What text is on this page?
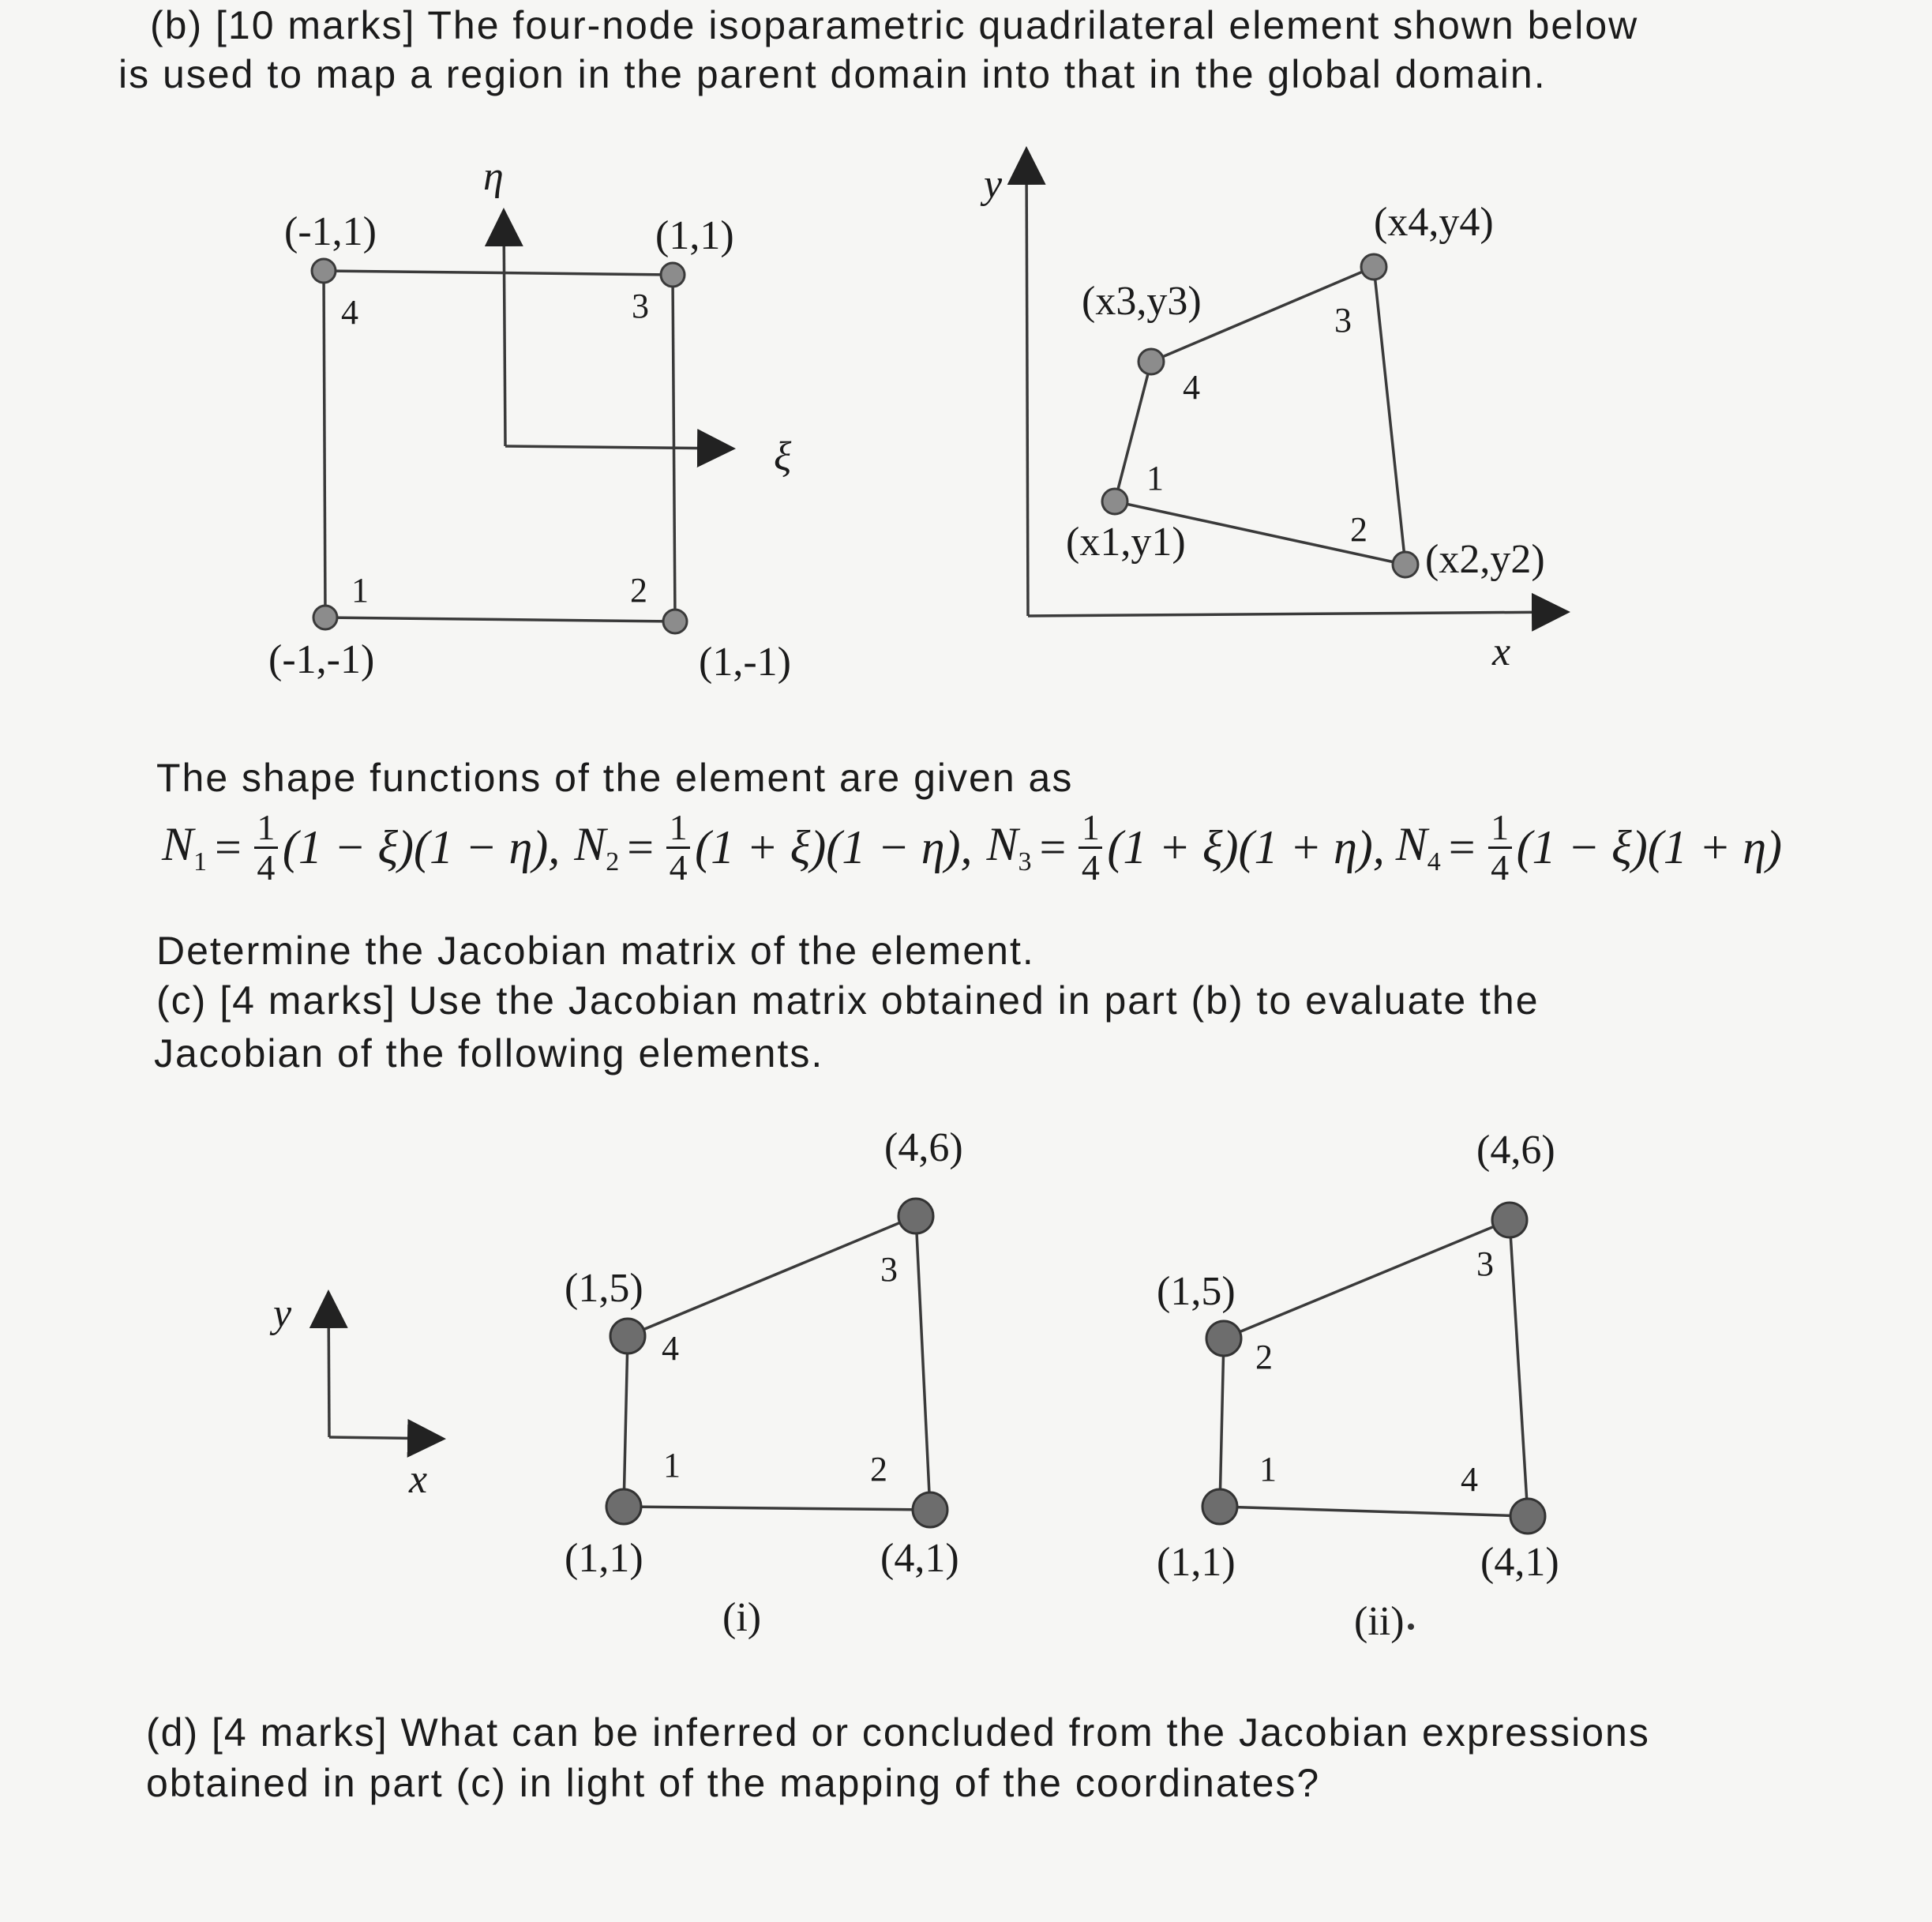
(b) [10 marks] The four-node isoparametric quadrilateral element shown below
is used to map a region in the parent domain into that in the global domain.
η
ξ
(-1,1)	(1,1)
(-1,-1)	(1,-1)
4	3
1	2
y
x
(x4,y4)
(x3,y3)
(x1,y1)	(x2,y2)
1
2
4
3
The shape functions of the element are given as
$N_1 = \frac{1}{4} (1 - \xi)(1 - \eta)$, $N_2 = \frac{1}{4} (1 + \xi)(1 - \eta)$, $N_3 = \frac{1}{4} (1 + \xi)(1 + \eta)$, $N_4 = \frac{1}{4} (1 - \xi)(1 + \eta)$
Determine the Jacobian matrix of the element.
(c) [4 marks] Use the Jacobian matrix obtained in part (b) to evaluate the
Jacobian of the following elements.
y
x
(4,6)
(1,5)
(1,1)	(4,1)
4
3
1	2
(i)
(4,6)
(1,5)
(1,1)	(4,1)
2
3
1	4
(ii)
(d) [4 marks] What can be inferred or concluded from the Jacobian expressions
obtained in part (c) in light of the mapping of the coordinates?
